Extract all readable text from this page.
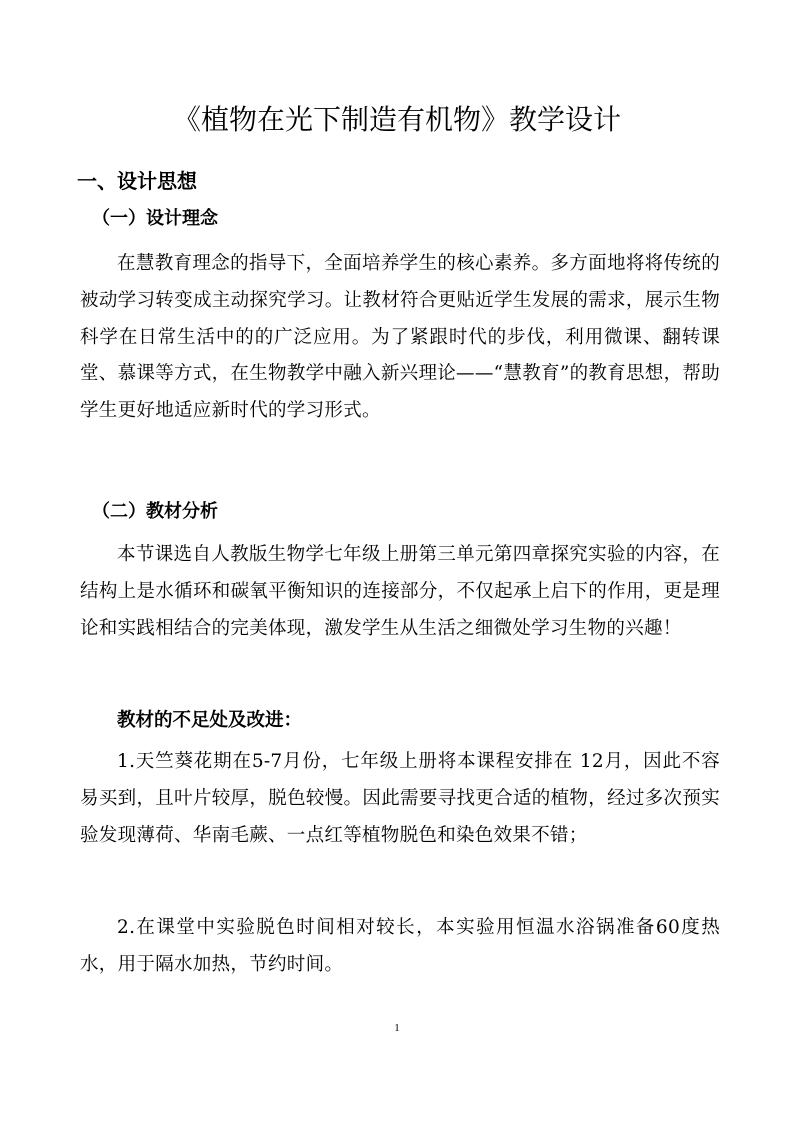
《植物在光下制造有机物》教学设计
一、设计思想
（一）设计理念

在慧教育理念的指导下，全面培养学生的核心素养。多方面地将将传统的被动学习转变成主动探究学习。让教材符合更贴近学生发展的需求，展示生物科学在日常生活中的的广泛应用。为了紧跟时代的步伐，利用微课、翻转课堂、慕课等方式，在生物教学中融入新兴理论——“慧教育”的教育思想，帮助学生更好地适应新时代的学习形式。

（二）教材分析

本节课选自人教版生物学七年级上册第三单元第四章探究实验的内容，在结构上是水循环和碳氧平衡知识的连接部分，不仅起承上启下的作用，更是理论和实践相结合的完美体现，激发学生从生活之细微处学习生物的兴趣！

教材的不足处及改进：

1.天竺葵花期在5-7月份，七年级上册将本课程安排在 12月，因此不容易买到，且叶片较厚，脱色较慢。因此需要寻找更合适的植物，经过多次预实验发现薄荷、华南毛蕨、一点红等植物脱色和染色效果不错；

2.在课堂中实验脱色时间相对较长，本实验用恒温水浴锅准备60度热水，用于隔水加热，节约时间。

1
